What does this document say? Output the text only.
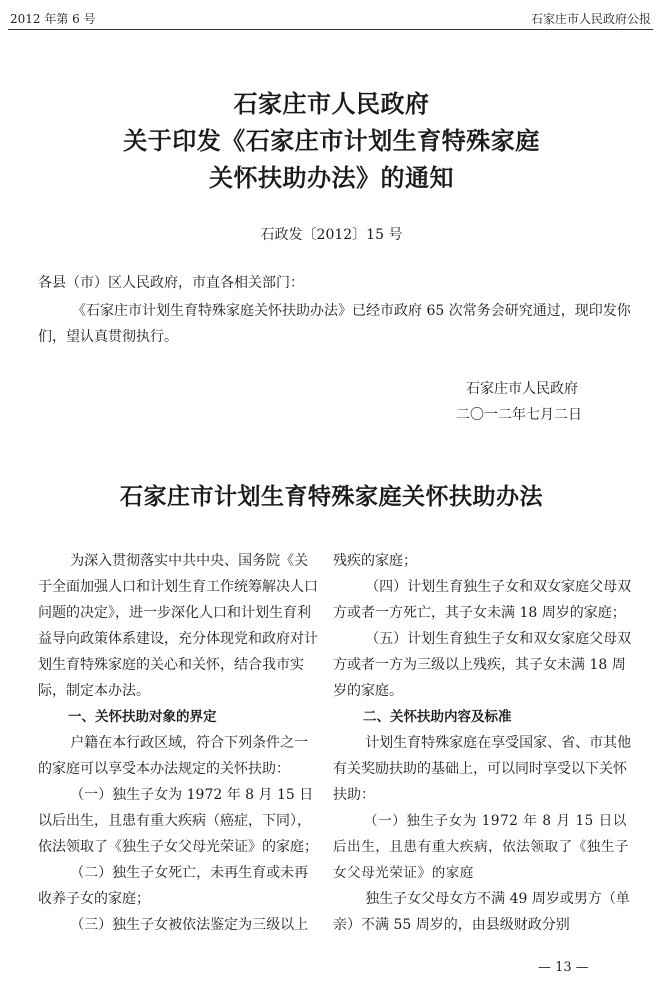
2012 年第 6 号	石家庄市人民政府公报
石家庄市人民政府
关于印发《石家庄市计划生育特殊家庭
关怀扶助办法》的通知
石政发〔2012〕15 号
各县（市）区人民政府，市直各相关部门：
《石家庄市计划生育特殊家庭关怀扶助办法》已经市政府 65 次常务会研究通过，现印发你们，望认真贯彻执行。
石家庄市人民政府
二〇一二年七月二日
石家庄市计划生育特殊家庭关怀扶助办法

为深入贯彻落实中共中央、国务院《关于全面加强人口和计划生育工作统筹解决人口问题的决定》，进一步深化人口和计划生育利益导向政策体系建设，充分体现党和政府对计划生育特殊家庭的关心和关怀，结合我市实际，制定本办法。

一、关怀扶助对象的界定

户籍在本行政区域，符合下列条件之一的家庭可以享受本办法规定的关怀扶助：

（一）独生子女为 1972 年 8 月 15 日以后出生，且患有重大疾病（癌症，下同），依法领取了《独生子女父母光荣证》的家庭；

（二）独生子女死亡，未再生育或未再收养子女的家庭；

（三）独生子女被依法鉴定为三级以上

残疾的家庭；

（四）计划生育独生子女和双女家庭父母双方或者一方死亡，其子女未满 18 周岁的家庭；

（五）计划生育独生子女和双女家庭父母双方或者一方为三级以上残疾，其子女未满 18 周岁的家庭。

二、关怀扶助内容及标准

计划生育特殊家庭在享受国家、省、市其他有关奖励扶助的基础上，可以同时享受以下关怀扶助：

（一）独生子女为 1972 年 8 月 15 日以后出生，且患有重大疾病，依法领取了《独生子女父母光荣证》的家庭

独生子女父母女方不满 49 周岁或男方（单亲）不满 55 周岁的，由县级财政分别

— 13 —
